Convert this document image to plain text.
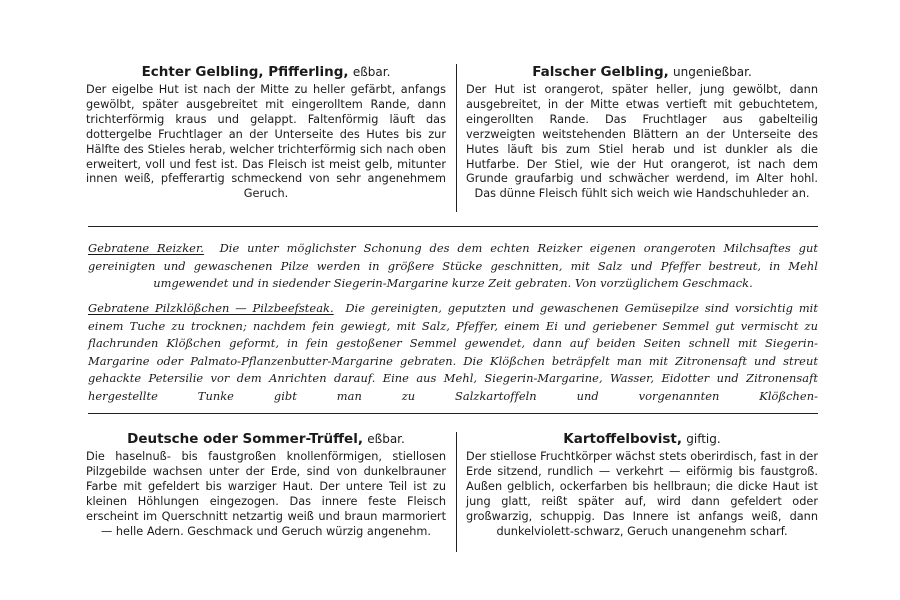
Echter Gelbling, Pfifferling, eßbar.
Der eigelbe Hut ist nach der Mitte zu heller gefärbt, anfangs gewölbt, später ausgebreitet mit eingerolltem Rande, dann trichterförmig kraus und gelappt. Faltenförmig läuft das dottergelbe Fruchtlager an der Unterseite des Hutes bis zur Hälfte des Stieles herab, welcher trichterförmig sich nach oben erweitert, voll und fest ist. Das Fleisch ist meist gelb, mitunter innen weiß, pfefferartig schmeckend von sehr angenehmem Geruch.
Falscher Gelbling, ungenießbar.
Der Hut ist orangerot, später heller, jung gewölbt, dann ausgebreitet, in der Mitte etwas vertieft mit gebuchtetem, eingerollten Rande. Das Fruchtlager aus gabelteilig verzweigten weitstehenden Blättern an der Unterseite des Hutes läuft bis zum Stiel herab und ist dunkler als die Hutfarbe. Der Stiel, wie der Hut orangerot, ist nach dem Grunde graufarbig und schwächer werdend, im Alter hohl. Das dünne Fleisch fühlt sich weich wie Handschuhleder an.
Gebratene Reizker. Die unter möglichster Schonung des dem echten Reizker eigenen orangeroten Milchsaftes gut gereinigten und gewaschenen Pilze werden in größere Stücke geschnitten, mit Salz und Pfeffer bestreut, in Mehl umgewendet und in siedender Siegerin-Margarine kurze Zeit gebraten. Von vorzüglichem Geschmack.
Gebratene Pilzklößchen — Pilzbeefsteak. Die gereinigten, geputzten und gewaschenen Gemüsepilze sind vorsichtig mit einem Tuche zu trocknen; nachdem fein gewiegt, mit Salz, Pfeffer, einem Ei und geriebener Semmel gut vermischt zu flachrunden Klößchen geformt, in fein gestoßener Semmel gewendet, dann auf beiden Seiten schnell mit Siegerin-Margarine oder Palmato-Pflanzenbutter-Margarine gebraten. Die Klößchen beträpfelt man mit Zitronensaft und streut gehackte Petersilie vor dem Anrichten darauf. Eine aus Mehl, Siegerin-Margarine, Wasser, Eidotter und Zitronensaft hergestellte Tunke gibt man zu Salzkartoffeln und vorgenannten Klößchen-
Deutsche oder Sommer-Trüffel, eßbar.
Die haselnuß- bis faustgroßen knollenförmigen, stiellosen Pilzgebilde wachsen unter der Erde, sind von dunkelbrauner Farbe mit gefeldert bis warziger Haut. Der untere Teil ist zu kleinen Höhlungen eingezogen. Das innere feste Fleisch erscheint im Querschnitt netzartig weiß und braun marmoriert — helle Adern. Geschmack und Geruch würzig angenehm.
Kartoffelbovist, giftig.
Der stiellose Fruchtkörper wächst stets oberirdisch, fast in der Erde sitzend, rundlich — verkehrt — eiförmig bis faustgroß. Außen gelblich, ockerfarben bis hellbraun; die dicke Haut ist jung glatt, reißt später auf, wird dann gefeldert oder großwarzig, schuppig. Das Innere ist anfangs weiß, dann dunkelviolett-schwarz, Geruch unangenehm scharf.
